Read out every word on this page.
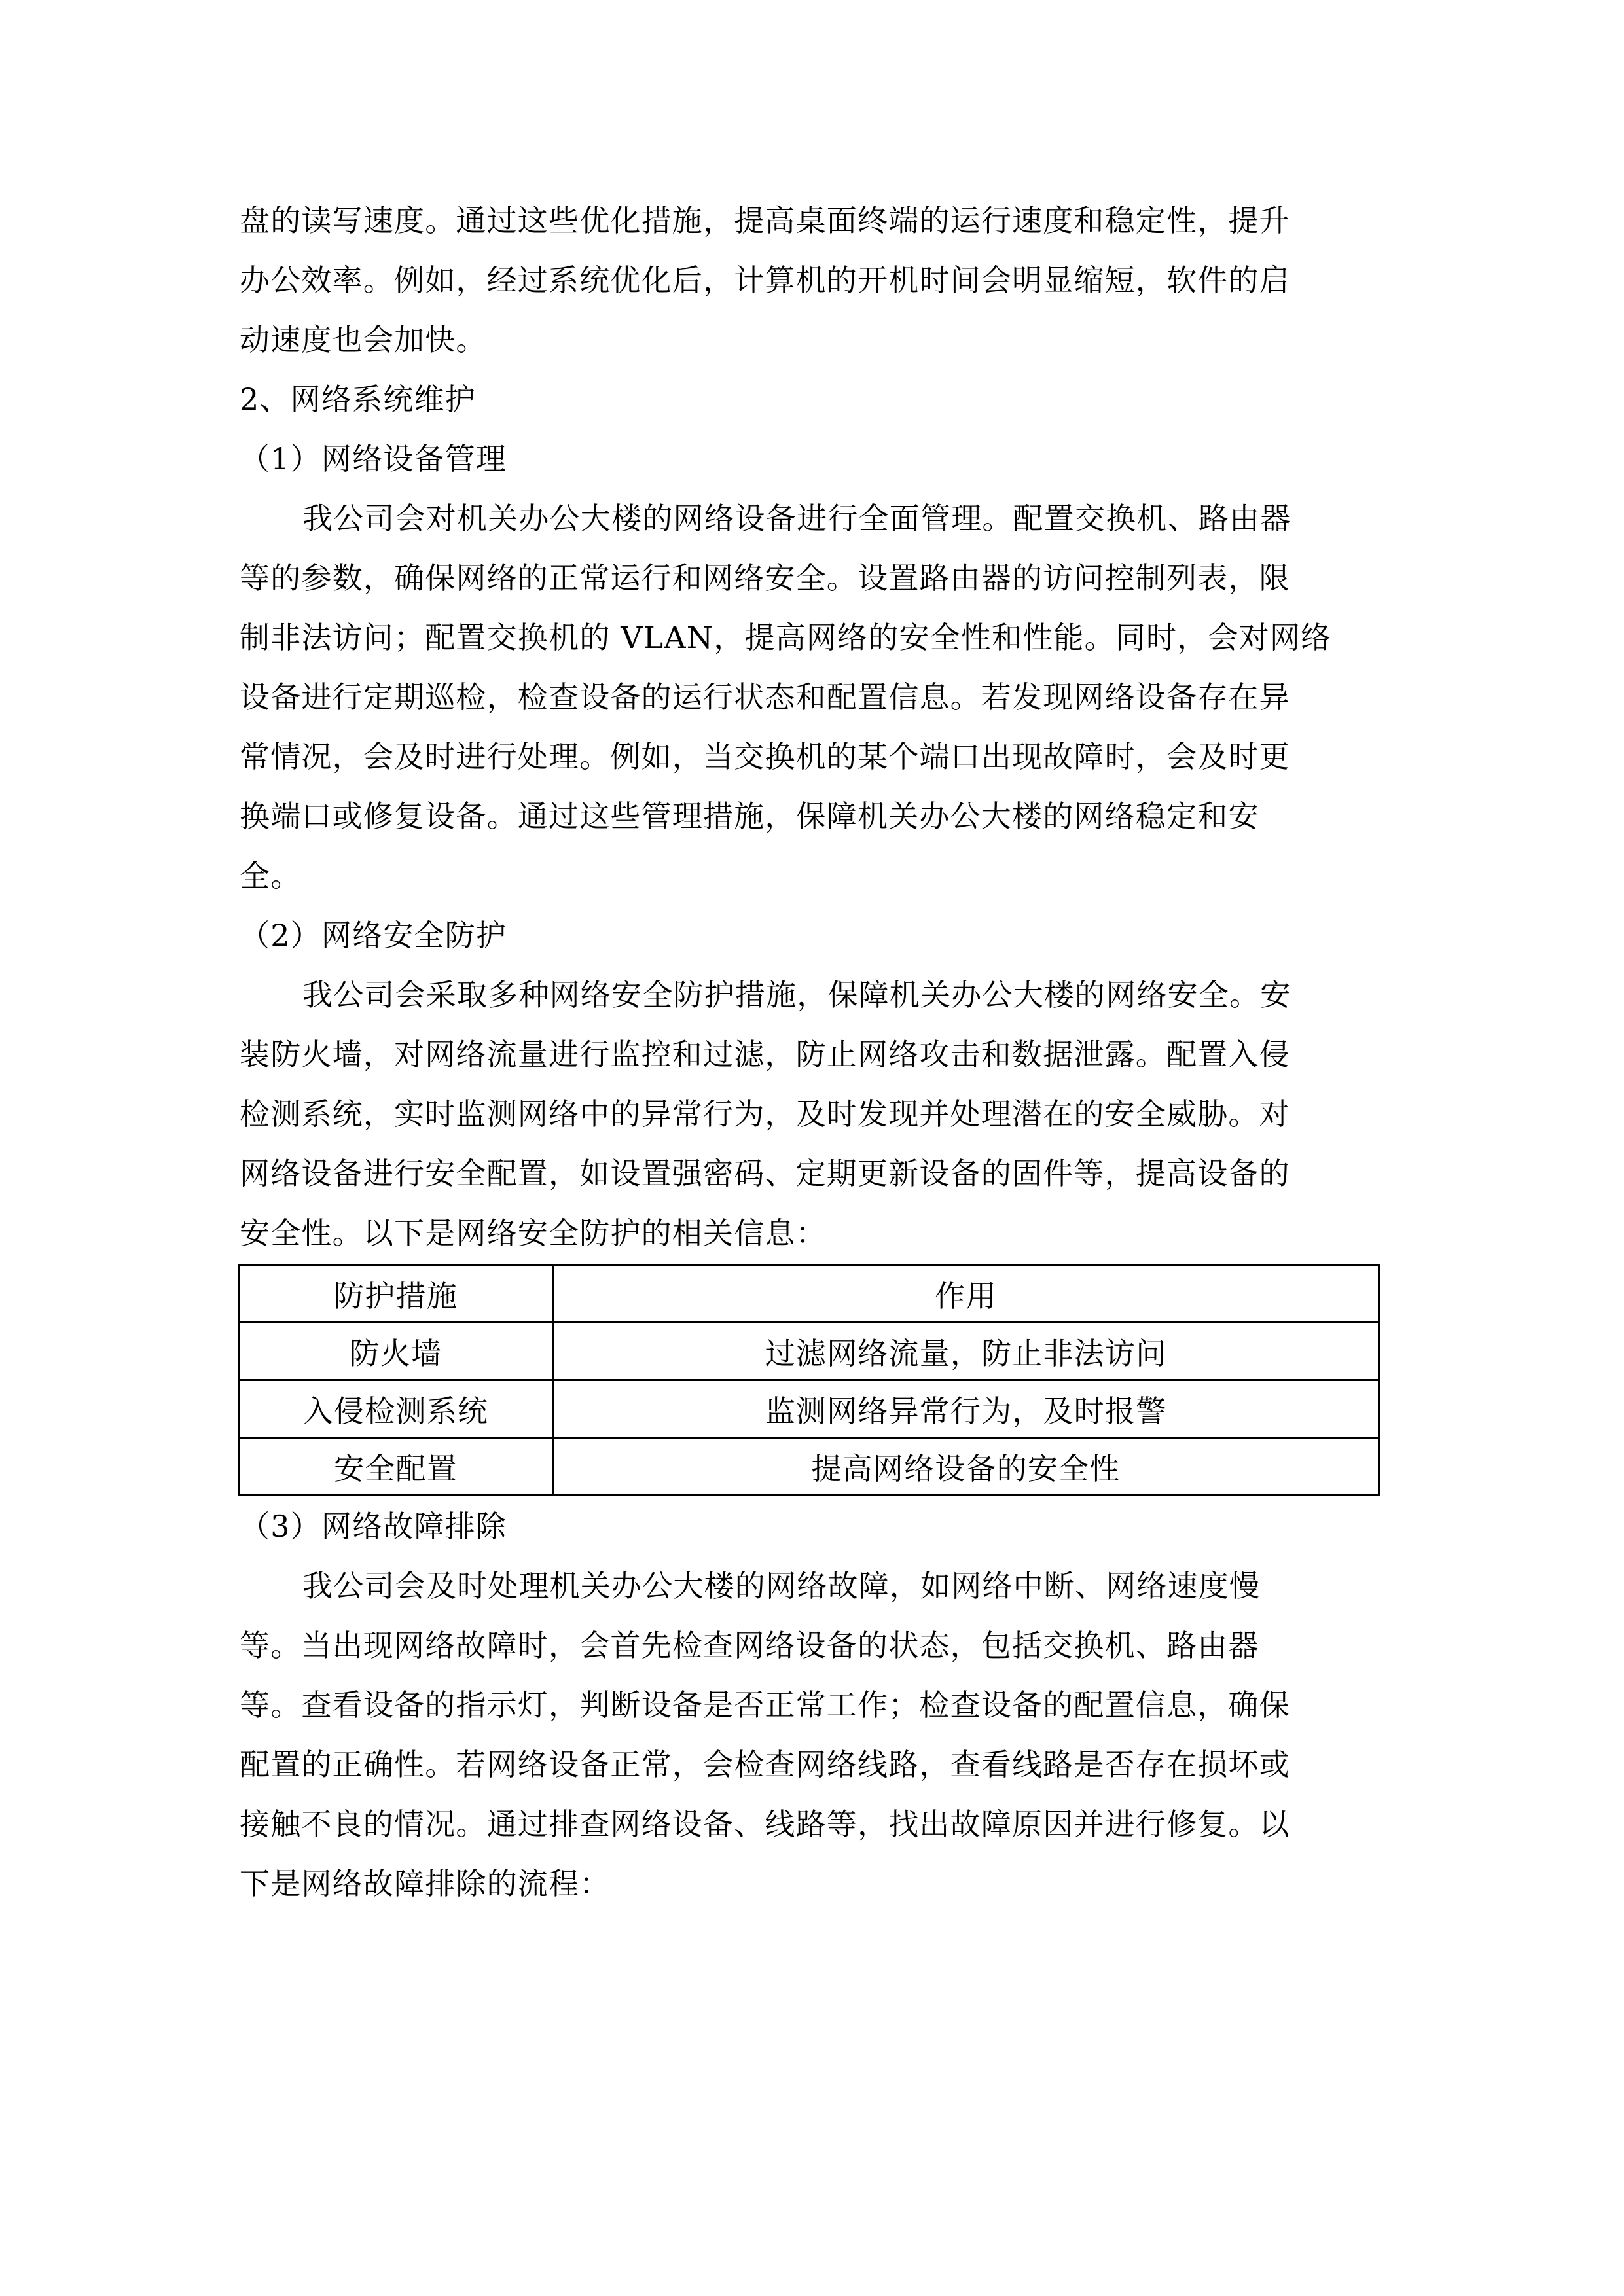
盘的读写速度。通过这些优化措施，提高桌面终端的运行速度和稳定性，提升
办公效率。例如，经过系统优化后，计算机的开机时间会明显缩短，软件的启
动速度也会加快。
2、网络系统维护
（1）网络设备管理
我公司会对机关办公大楼的网络设备进行全面管理。配置交换机、路由器
等的参数，确保网络的正常运行和网络安全。设置路由器的访问控制列表，限
制非法访问；配置交换机的 VLAN，提高网络的安全性和性能。同时，会对网络
设备进行定期巡检，检查设备的运行状态和配置信息。若发现网络设备存在异
常情况，会及时进行处理。例如，当交换机的某个端口出现故障时，会及时更
换端口或修复设备。通过这些管理措施，保障机关办公大楼的网络稳定和安
全。
（2）网络安全防护
我公司会采取多种网络安全防护措施，保障机关办公大楼的网络安全。安
装防火墙，对网络流量进行监控和过滤，防止网络攻击和数据泄露。配置入侵
检测系统，实时监测网络中的异常行为，及时发现并处理潜在的安全威胁。对
网络设备进行安全配置，如设置强密码、定期更新设备的固件等，提高设备的
安全性。以下是网络安全防护的相关信息：
防护措施	作用
防火墙	过滤网络流量，防止非法访问
入侵检测系统	监测网络异常行为，及时报警
安全配置	提高网络设备的安全性
（3）网络故障排除
我公司会及时处理机关办公大楼的网络故障，如网络中断、网络速度慢
等。当出现网络故障时，会首先检查网络设备的状态，包括交换机、路由器
等。查看设备的指示灯，判断设备是否正常工作；检查设备的配置信息，确保
配置的正确性。若网络设备正常，会检查网络线路，查看线路是否存在损坏或
接触不良的情况。通过排查网络设备、线路等，找出故障原因并进行修复。以
下是网络故障排除的流程：
